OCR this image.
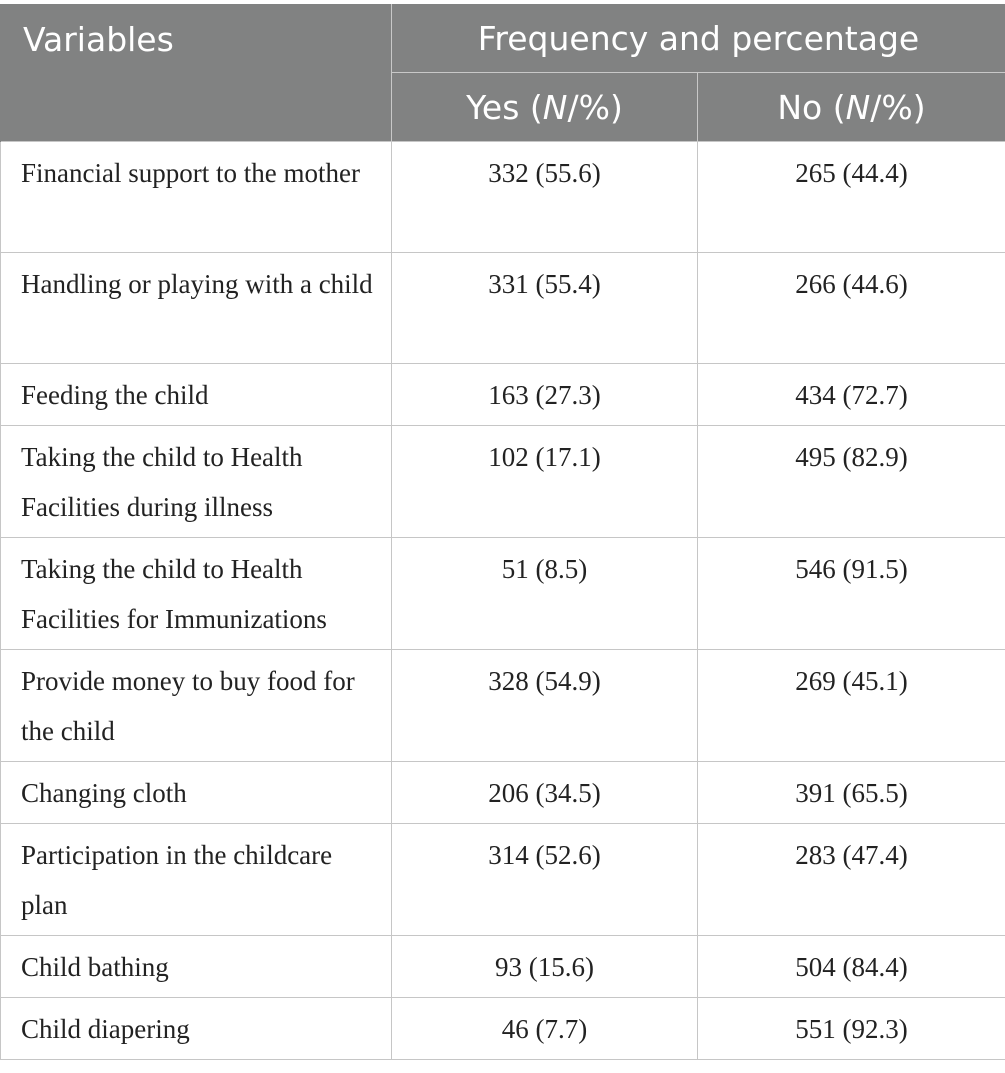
Variables	Frequency and percentage	
	Yes (N/%)	No (N/%)
Financial support to the mother	332 (55.6)	265 (44.4)
Handling or playing with a child	331 (55.4)	266 (44.6)
Feeding the child	163 (27.3)	434 (72.7)
Taking the child to Health Facilities during illness	102 (17.1)	495 (82.9)
Taking the child to Health Facilities for Immunizations	51 (8.5)	546 (91.5)
Provide money to buy food for the child	328 (54.9)	269 (45.1)
Changing cloth	206 (34.5)	391 (65.5)
Participation in the childcare plan	314 (52.6)	283 (47.4)
Child bathing	93 (15.6)	504 (84.4)
Child diapering	46 (7.7)	551 (92.3)
